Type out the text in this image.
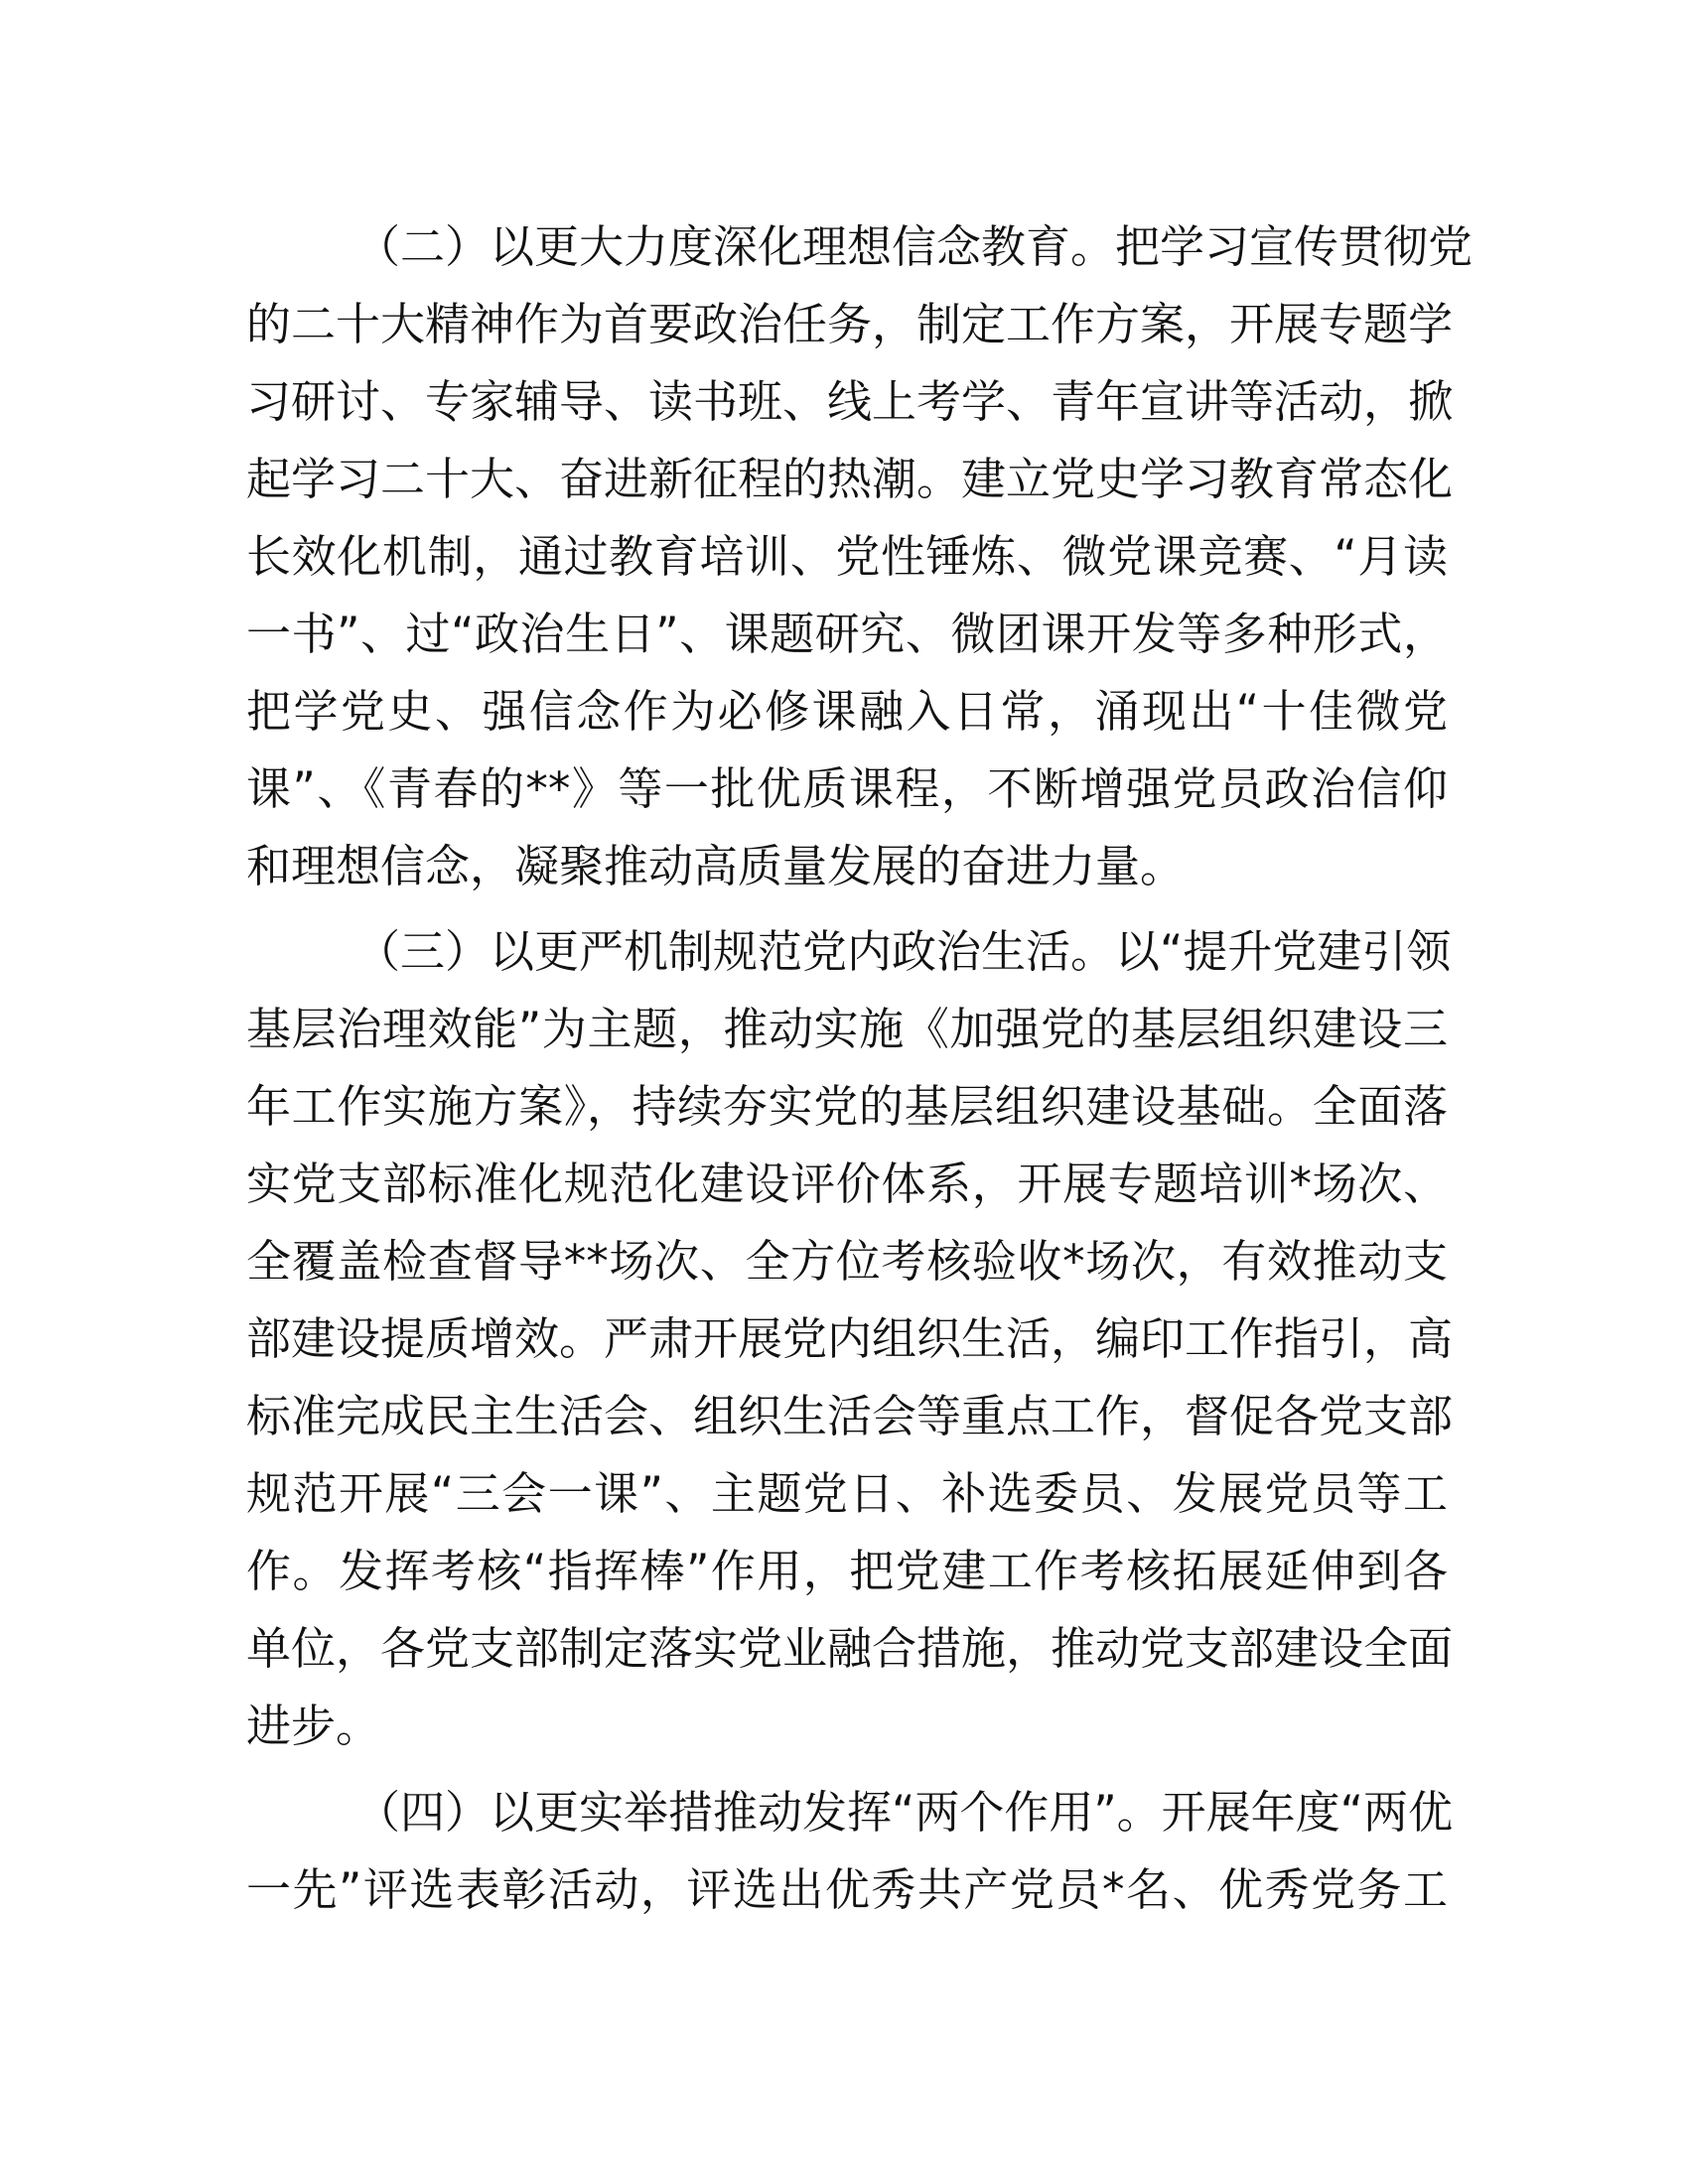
（二）以更大力度深化理想信念教育。把学习宣传贯彻党
的二十大精神作为首要政治任务，制定工作方案，开展专题学
习研讨、专家辅导、读书班、线上考学、青年宣讲等活动，掀
起学习二十大、奋进新征程的热潮。建立党史学习教育常态化
长效化机制，通过教育培训、党性锤炼、微党课竞赛、“月读
一书”、过“政治生日”、课题研究、微团课开发等多种形式，
把学党史、强信念作为必修课融入日常，涌现出“十佳微党
课”、《青春的**》等一批优质课程，不断增强党员政治信仰
和理想信念，凝聚推动高质量发展的奋进力量。
（三）以更严机制规范党内政治生活。以“提升党建引领
基层治理效能”为主题，推动实施《加强党的基层组织建设三
年工作实施方案》，持续夯实党的基层组织建设基础。全面落
实党支部标准化规范化建设评价体系，开展专题培训*场次、
全覆盖检查督导**场次、全方位考核验收*场次，有效推动支
部建设提质增效。严肃开展党内组织生活，编印工作指引，高
标准完成民主生活会、组织生活会等重点工作，督促各党支部
规范开展“三会一课”、主题党日、补选委员、发展党员等工
作。发挥考核“指挥棒”作用，把党建工作考核拓展延伸到各
单位，各党支部制定落实党业融合措施，推动党支部建设全面
进步。
（四）以更实举措推动发挥“两个作用”。开展年度“两优
一先”评选表彰活动，评选出优秀共产党员*名、优秀党务工
